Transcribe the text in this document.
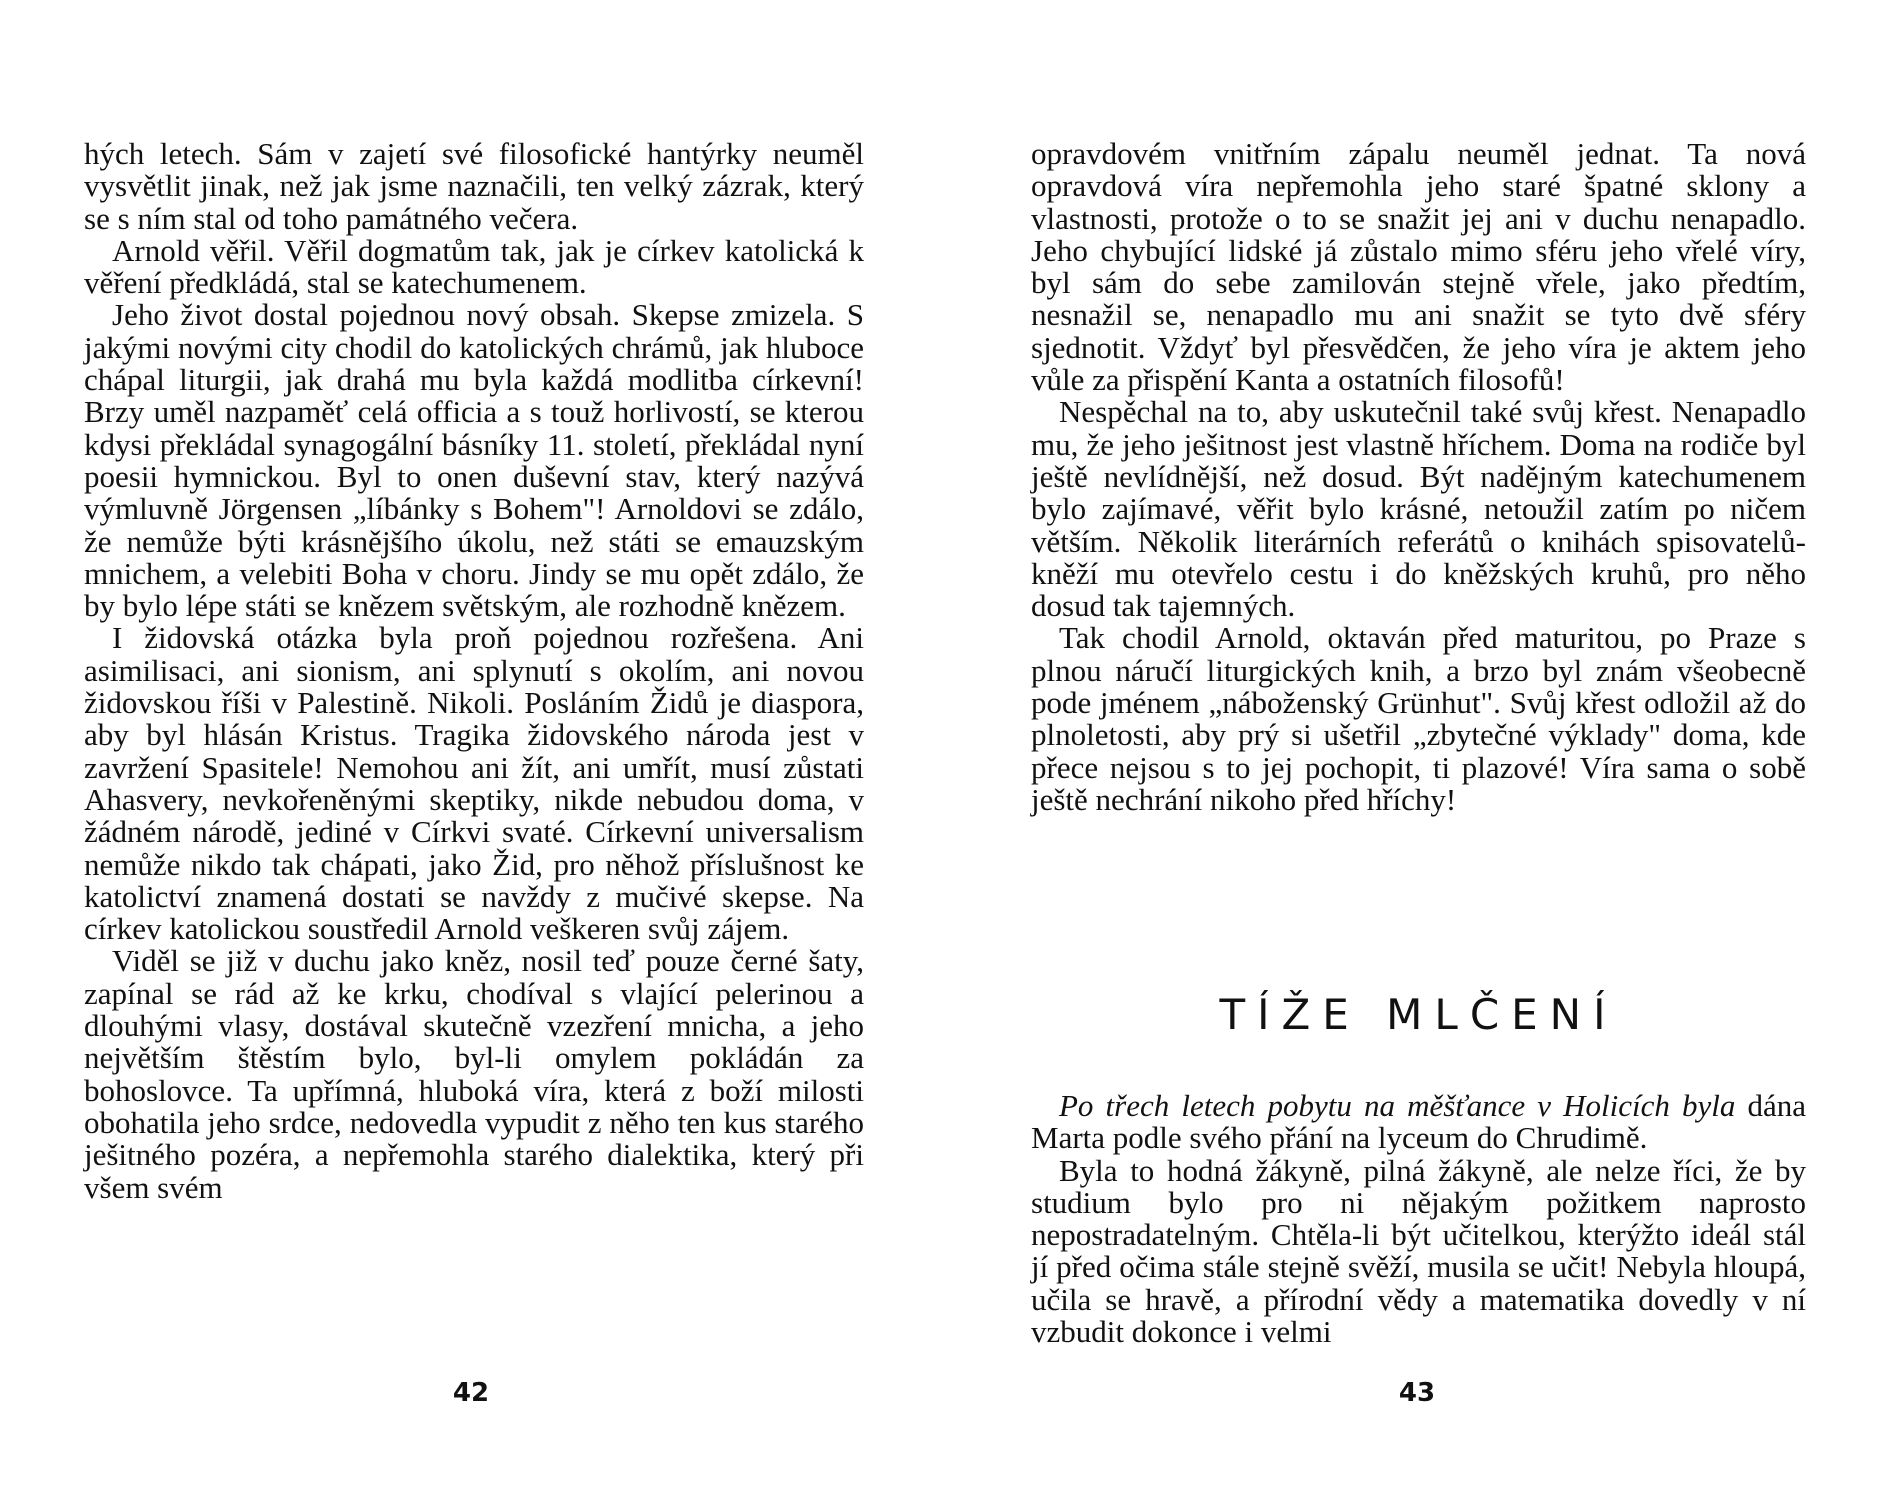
hých letech. Sám v zajetí své filosofické hantýrky neuměl vysvětlit jinak, než jak jsme naznačili, ten velký zázrak, který se s ním stal od toho památného večera.

Arnold věřil. Věřil dogmatům tak, jak je církev katolická k věření předkládá, stal se katechumenem.

Jeho život dostal pojednou nový obsah. Skepse zmizela. S jakými novými city chodil do katolických chrámů, jak hluboce chápal liturgii, jak drahá mu byla každá modlitba církevní! Brzy uměl nazpaměť celá officia a s touž horlivostí, se kterou kdysi překládal synagogální básníky 11. století, překládal nyní poesii hymnickou. Byl to onen duševní stav, který nazývá výmluvně Jörgensen „líbánky s Bohem"! Arnoldovi se zdálo, že nemůže býti krásnějšího úkolu, než státi se emauzským mnichem, a velebiti Boha v choru. Jindy se mu opět zdálo, že by bylo lépe státi se knězem světským, ale rozhodně knězem.

I židovská otázka byla proň pojednou rozřešena. Ani asimilisaci, ani sionism, ani splynutí s okolím, ani novou židovskou říši v Palestině. Nikoli. Posláním Židů je diaspora, aby byl hlásán Kristus. Tragika židovského národa jest v zavržení Spasitele! Nemohou ani žít, ani umřít, musí zůstati Ahasvery, nevkořeněnými skeptiky, nikde nebudou doma, v žádném národě, jediné v Církvi svaté. Církevní universalism nemůže nikdo tak chápati, jako Žid, pro něhož příslušnost ke katolictví znamená dostati se navždy z mučivé skepse. Na církev katolickou soustředil Arnold veškeren svůj zájem.

Viděl se již v duchu jako kněz, nosil teď pouze černé šaty, zapínal se rád až ke krku, chodíval s vlající pelerinou a dlouhými vlasy, dostával skutečně vzezření mnicha, a jeho největším štěstím bylo, byl-li omylem pokládán za bohoslovce. Ta upřímná, hluboká víra, která z boží milosti obohatila jeho srdce, nedovedla vypudit z něho ten kus starého ješitného pozéra, a nepřemohla starého dialektika, který při všem svém

42

opravdovém vnitřním zápalu neuměl jednat. Ta nová opravdová víra nepřemohla jeho staré špatné sklony a vlastnosti, protože o to se snažit jej ani v duchu nenapadlo. Jeho chybující lidské já zůstalo mimo sféru jeho vřelé víry, byl sám do sebe zamilován stejně vřele, jako předtím, nesnažil se, nenapadlo mu ani snažit se tyto dvě sféry sjednotit. Vždyť byl přesvědčen, že jeho víra je aktem jeho vůle za přispění Kanta a ostatních filosofů!

Nespěchal na to, aby uskutečnil také svůj křest. Nenapadlo mu, že jeho ješitnost jest vlastně hříchem. Doma na rodiče byl ještě nevlídnější, než dosud. Být nadějným katechumenem bylo zajímavé, věřit bylo krásné, netoužil zatím po ničem větším. Několik literárních referátů o knihách spisovatelů-kněží mu otevřelo cestu i do kněžských kruhů, pro něho dosud tak tajemných.

Tak chodil Arnold, oktaván před maturitou, po Praze s plnou náručí liturgických knih, a brzo byl znám všeobecně pode jménem „náboženský Grünhut". Svůj křest odložil až do plnoletosti, aby prý si ušetřil „zbytečné výklady" doma, kde přece nejsou s to jej pochopit, ti plazové! Víra sama o sobě ještě nechrání nikoho před hříchy!

TÍŽE MLČENÍ

Po třech letech pobytu na měšťance v Holicích byla dána Marta podle svého přání na lyceum do Chrudimě.

Byla to hodná žákyně, pilná žákyně, ale nelze říci, že by studium bylo pro ni nějakým požitkem naprosto nepostradatelným. Chtěla-li být učitelkou, kterýžto ideál stál jí před očima stále stejně svěží, musila se učit! Nebyla hloupá, učila se hravě, a přírodní vědy a matematika dovedly v ní vzbudit dokonce i velmi

43
